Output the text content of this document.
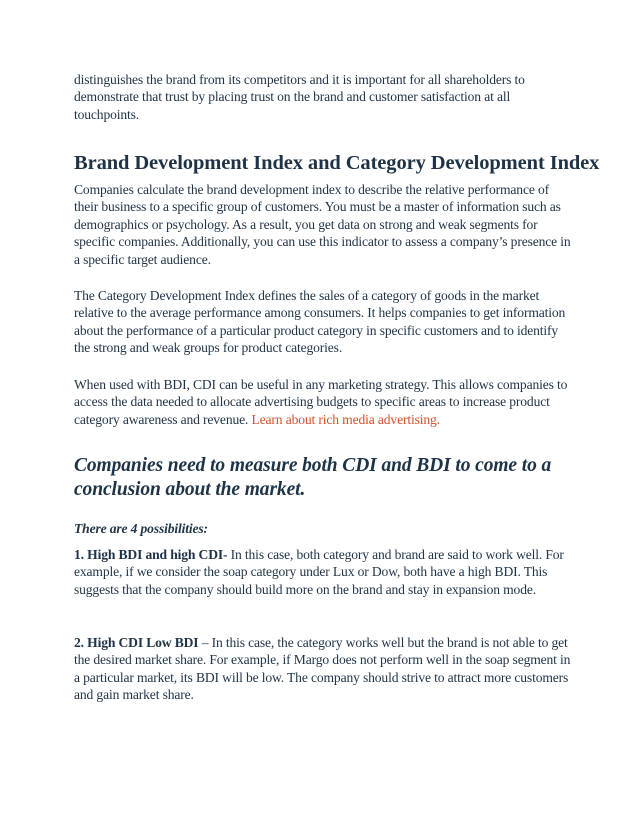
distinguishes the brand from its competitors and it is important for all shareholders to demonstrate that trust by placing trust on the brand and customer satisfaction at all touchpoints.

Brand Development Index and Category Development Index

Companies calculate the brand development index to describe the relative performance of their business to a specific group of customers. You must be a master of information such as demographics or psychology. As a result, you get data on strong and weak segments for specific companies. Additionally, you can use this indicator to assess a company’s presence in a specific target audience.

The Category Development Index defines the sales of a category of goods in the market relative to the average performance among consumers. It helps companies to get information about the performance of a particular product category in specific customers and to identify the strong and weak groups for product categories.

When used with BDI, CDI can be useful in any marketing strategy. This allows companies to access the data needed to allocate advertising budgets to specific areas to increase product category awareness and revenue. Learn about rich media advertising.

Companies need to measure both CDI and BDI to come to a conclusion about the market.

There are 4 possibilities:

1. High BDI and high CDI- In this case, both category and brand are said to work well. For example, if we consider the soap category under Lux or Dow, both have a high BDI. This suggests that the company should build more on the brand and stay in expansion mode.

2. High CDI Low BDI – In this case, the category works well but the brand is not able to get the desired market share. For example, if Margo does not perform well in the soap segment in a particular market, its BDI will be low. The company should strive to attract more customers and gain market share.
